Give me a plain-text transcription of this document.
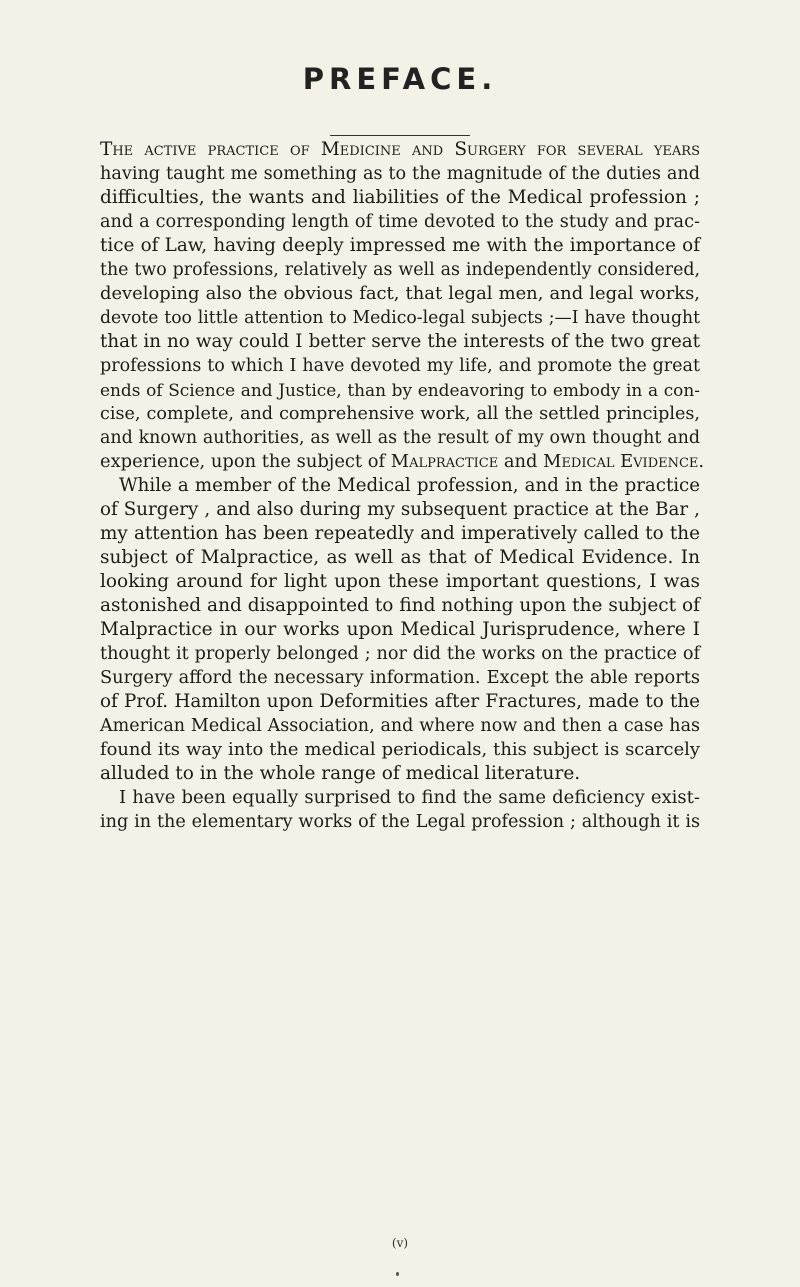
PREFACE.
The active practice of Medicine and Surgery for several years
having taught me something as to the magnitude of the duties and
difficulties, the wants and liabilities of the Medical profession ;
and a corresponding length of time devoted to the study and prac-
tice of Law, having deeply impressed me with the importance of
the two professions, relatively as well as independently considered,
developing also the obvious fact, that legal men, and legal works,
devote too little attention to Medico-legal subjects ;—I have thought
that in no way could I better serve the interests of the two great
professions to which I have devoted my life, and promote the great
ends of Science and Justice, than by endeavoring to embody in a con-
cise, complete, and comprehensive work, all the settled principles,
and known authorities, as well as the result of my own thought and
experience, upon the subject of Malpractice and Medical Evidence.
While a member of the Medical profession, and in the practice
of Surgery , and also during my subsequent practice at the Bar ,
my attention has been repeatedly and imperatively called to the
subject of Malpractice, as well as that of Medical Evidence. In
looking around for light upon these important questions, I was
astonished and disappointed to find nothing upon the subject of
Malpractice in our works upon Medical Jurisprudence, where I
thought it properly belonged ; nor did the works on the practice of
Surgery afford the necessary information. Except the able reports
of Prof. Hamilton upon Deformities after Fractures, made to the
American Medical Association, and where now and then a case has
found its way into the medical periodicals, this subject is scarcely
alluded to in the whole range of medical literature.
I have been equally surprised to find the same deficiency exist-
ing in the elementary works of the Legal profession ; although it is
(v)
